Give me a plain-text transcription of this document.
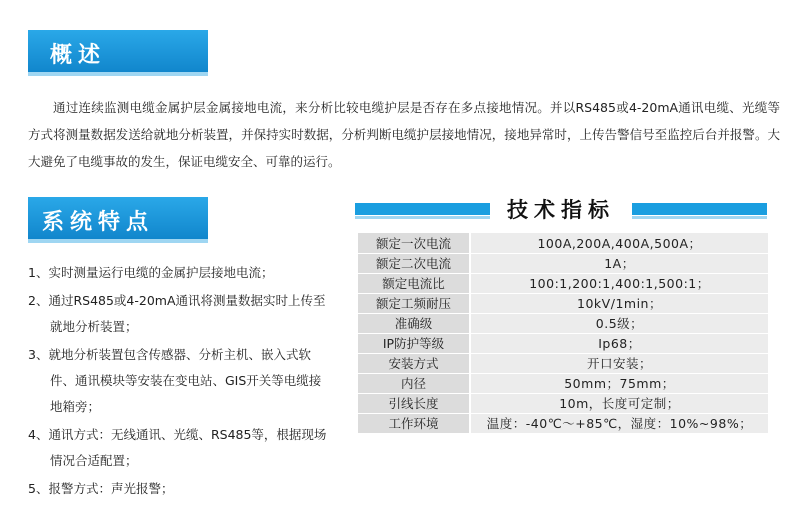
概述

通过连续监测电缆金属护层金属接地电流，来分析比较电缆护层是否存在多点接地情况。并以RS485或4-20mA通讯电缆、光缆等方式将测量数据发送给就地分析装置，并保持实时数据，分析判断电缆护层接地情况，接地异常时，上传告警信号至监控后台并报警。大大避免了电缆事故的发生，保证电缆安全、可靠的运行。

系统特点
1、实时测量运行电缆的金属护层接地电流；
2、通过RS485或4-20mA通讯将测量数据实时上传至就地分析装置；
3、就地分析装置包含传感器、分析主机、嵌入式软件、通讯模块等安装在变电站、GIS开关等电缆接地箱旁；
4、通讯方式：无线通讯、光缆、RS485等，根据现场情况合适配置；
5、报警方式：声光报警；
技术指标
额定一次电流	100A,200A,400A,500A；
额定二次电流	1A；
额定电流比	100:1,200:1,400:1,500:1；
额定工频耐压	10kV/1min；
准确级	0.5级；
IP防护等级	Ip68；
安装方式	开口安装；
内径	50mm；75mm；
引线长度	10m，长度可定制；
工作环境	温度：-40℃～+85℃，湿度：10%~98%；
